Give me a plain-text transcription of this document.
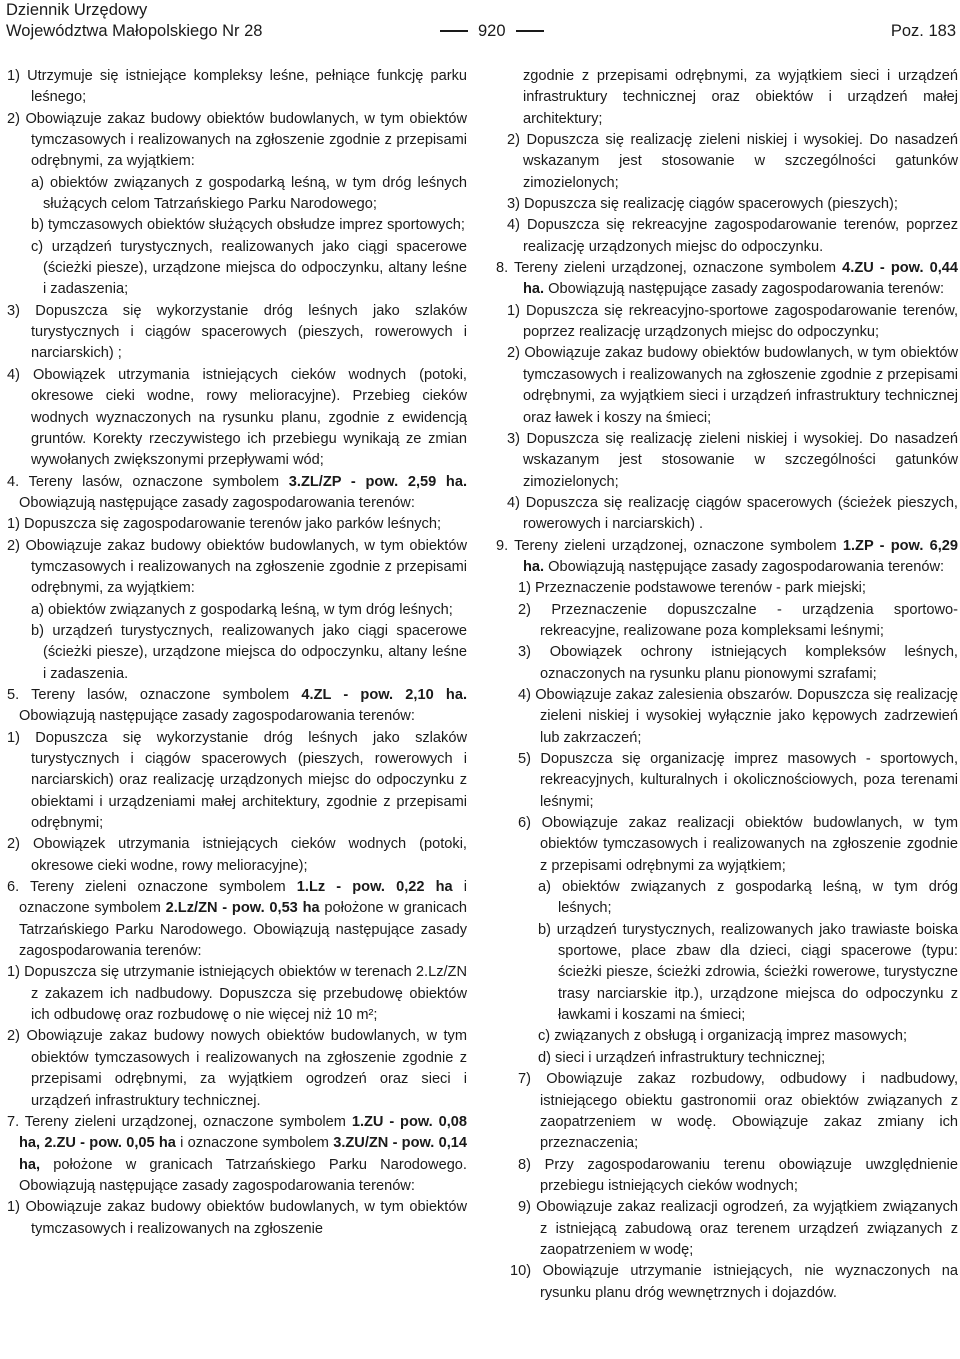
Dziennik Urzędowy
Województwa Małopolskiego Nr 28	920	Poz. 183

1) Utrzymuje się istniejące kompleksy leśne, pełniące funkcję parku leśnego;

2) Obowiązuje zakaz budowy obiektów budowlanych, w tym obiektów tymczasowych i realizowanych na zgłoszenie zgodnie z przepisami odrębnymi, za wyjątkiem:

a) obiektów związanych z gospodarką leśną, w tym dróg leśnych służących celom Tatrzańskiego Parku Narodowego;

b) tymczasowych obiektów służących obsłudze imprez sportowych;

c) urządzeń turystycznych, realizowanych jako ciągi spacerowe (ścieżki piesze), urządzone miejsca do odpoczynku, altany leśne i zadaszenia;

3) Dopuszcza się wykorzystanie dróg leśnych jako szlaków turystycznych i ciągów spacerowych (pieszych, rowerowych i narciarskich) ;

4) Obowiązek utrzymania istniejących cieków wodnych (potoki, okresowe cieki wodne, rowy melioracyjne). Przebieg cieków wodnych wyznaczonych na rysunku planu, zgodnie z ewidencją gruntów. Korekty rzeczywistego ich przebiegu wynikają ze zmian wywołanych zwiększonymi przepływami wód;

4. Tereny lasów, oznaczone symbolem 3.ZL/ZP - pow. 2,59 ha. Obowiązują następujące zasady zagospodarowania terenów:

1) Dopuszcza się zagospodarowanie terenów jako parków leśnych;

2) Obowiązuje zakaz budowy obiektów budowlanych, w tym obiektów tymczasowych i realizowanych na zgłoszenie zgodnie z przepisami odrębnymi, za wyjątkiem:

a) obiektów związanych z gospodarką leśną, w tym dróg leśnych;

b) urządzeń turystycznych, realizowanych jako ciągi spacerowe (ścieżki piesze), urządzone miejsca do odpoczynku, altany leśne i zadaszenia.

5. Tereny lasów, oznaczone symbolem 4.ZL - pow. 2,10 ha. Obowiązują następujące zasady zagospodarowania terenów:

1) Dopuszcza się wykorzystanie dróg leśnych jako szlaków turystycznych i ciągów spacerowych (pieszych, rowerowych i narciarskich) oraz realizację urządzonych miejsc do odpoczynku z obiektami i urządzeniami małej architektury, zgodnie z przepisami odrębnymi;

2) Obowiązek utrzymania istniejących cieków wodnych (potoki, okresowe cieki wodne, rowy melioracyjne);

6. Tereny zieleni oznaczone symbolem 1.Lz - pow. 0,22 ha i oznaczone symbolem 2.Lz/ZN - pow. 0,53 ha położone w granicach Tatrzańskiego Parku Narodowego. Obowiązują następujące zasady zagospodarowania terenów:

1) Dopuszcza się utrzymanie istniejących obiektów w terenach 2.Lz/ZN z zakazem ich nadbudowy. Dopuszcza się przebudowę obiektów ich odbudowę oraz rozbudowę o nie więcej niż 10 m²;

2) Obowiązuje zakaz budowy nowych obiektów budowlanych, w tym obiektów tymczasowych i realizowanych na zgłoszenie zgodnie z przepisami odrębnymi, za wyjątkiem ogrodzeń oraz sieci i urządzeń infrastruktury technicznej.

7. Tereny zieleni urządzonej, oznaczone symbolem 1.ZU - pow. 0,08 ha, 2.ZU - pow. 0,05 ha i oznaczone symbolem 3.ZU/ZN - pow. 0,14 ha, położone w granicach Tatrzańskiego Parku Narodowego. Obowiązują następujące zasady zagospodarowania terenów:

1) Obowiązuje zakaz budowy obiektów budowlanych, w tym obiektów tymczasowych i realizowanych na zgłoszenie

zgodnie z przepisami odrębnymi, za wyjątkiem sieci i urządzeń infrastruktury technicznej oraz obiektów i urządzeń małej architektury;

2) Dopuszcza się realizację zieleni niskiej i wysokiej. Do nasadzeń wskazanym jest stosowanie w szczególności gatunków zimozielonych;

3) Dopuszcza się realizację ciągów spacerowych (pieszych);

4) Dopuszcza się rekreacyjne zagospodarowanie terenów, poprzez realizację urządzonych miejsc do odpoczynku.

8. Tereny zieleni urządzonej, oznaczone symbolem 4.ZU - pow. 0,44 ha. Obowiązują następujące zasady zagospodarowania terenów:

1) Dopuszcza się rekreacyjno-sportowe zagospodarowanie terenów, poprzez realizację urządzonych miejsc do odpoczynku;

2) Obowiązuje zakaz budowy obiektów budowlanych, w tym obiektów tymczasowych i realizowanych na zgłoszenie zgodnie z przepisami odrębnymi, za wyjątkiem sieci i urządzeń infrastruktury technicznej oraz ławek i koszy na śmieci;

3) Dopuszcza się realizację zieleni niskiej i wysokiej. Do nasadzeń wskazanym jest stosowanie w szczególności gatunków zimozielonych;

4) Dopuszcza się realizację ciągów spacerowych (ścieżek pieszych, rowerowych i narciarskich) .

9. Tereny zieleni urządzonej, oznaczone symbolem 1.ZP - pow. 6,29 ha. Obowiązują następujące zasady zagospodarowania terenów:

1) Przeznaczenie podstawowe terenów - park miejski;

2) Przeznaczenie dopuszczalne - urządzenia sportowo- rekreacyjne, realizowane poza kompleksami leśnymi;

3) Obowiązek ochrony istniejących kompleksów leśnych, oznaczonych na rysunku planu pionowymi szrafami;

4) Obowiązuje zakaz zalesienia obszarów. Dopuszcza się realizację zieleni niskiej i wysokiej wyłącznie jako kępowych zadrzewień lub zakrzaczeń;

5) Dopuszcza się organizację imprez masowych - sportowych, rekreacyjnych, kulturalnych i okolicznościowych, poza terenami leśnymi;

6) Obowiązuje zakaz realizacji obiektów budowlanych, w tym obiektów tymczasowych i realizowanych na zgłoszenie zgodnie z przepisami odrębnymi za wyjątkiem;

a) obiektów związanych z gospodarką leśną, w tym dróg leśnych;

b) urządzeń turystycznych, realizowanych jako trawiaste boiska sportowe, place zbaw dla dzieci, ciągi spacerowe (typu: ścieżki piesze, ścieżki zdrowia, ścieżki rowerowe, turystyczne trasy narciarskie itp.), urządzone miejsca do odpoczynku z ławkami i koszami na śmieci;

c) związanych z obsługą i organizacją imprez masowych;

d) sieci i urządzeń infrastruktury technicznej;

7) Obowiązuje zakaz rozbudowy, odbudowy i nadbudowy, istniejącego obiektu gastronomii oraz obiektów związanych z zaopatrzeniem w wodę. Obowiązuje zakaz zmiany ich przeznaczenia;

8) Przy zagospodarowaniu terenu obowiązuje uwzględnienie przebiegu istniejących cieków wodnych;

9) Obowiązuje zakaz realizacji ogrodzeń, za wyjątkiem związanych z istniejącą zabudową oraz terenem urządzeń związanych z zaopatrzeniem w wodę;

10) Obowiązuje utrzymanie istniejących, nie wyznaczonych na rysunku planu dróg wewnętrznych i dojazdów.
